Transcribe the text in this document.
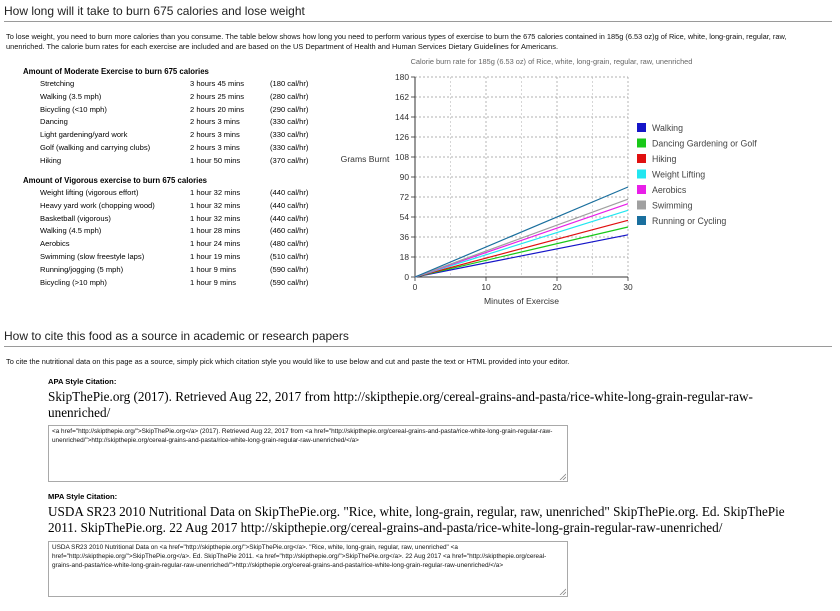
How long will it take to burn 675 calories and lose weight
To lose weight, you need to burn more calories than you consume. The table below shows how long you need to perform various types of exercise to burn the 675 calories contained in 185g (6.53 oz)g of Rice, white, long-grain, regular, raw, unenriched. The calorie burn rates for each exercise are included and are based on the US Department of Health and Human Services Dietary Guidelines for Americans.
Amount of Moderate Exercise to burn 675 calories
Stretching	3 hours 45 mins	(180 cal/hr)
Walking (3.5 mph)	2 hours 25 mins	(280 cal/hr)
Bicycling (<10 mph)	2 hours 20 mins	(290 cal/hr)
Dancing	2 hours 3 mins	(330 cal/hr)
Light gardening/yard work	2 hours 3 mins	(330 cal/hr)
Golf (walking and carrying clubs)	2 hours 3 mins	(330 cal/hr)
Hiking	1 hour 50 mins	(370 cal/hr)
Amount of Vigorous exercise to burn 675 calories
Weight lifting (vigorous effort)	1 hour 32 mins	(440 cal/hr)
Heavy yard work (chopping wood)	1 hour 32 mins	(440 cal/hr)
Basketball (vigorous)	1 hour 32 mins	(440 cal/hr)
Walking (4.5 mph)	1 hour 28 mins	(460 cal/hr)
Aerobics	1 hour 24 mins	(480 cal/hr)
Swimming (slow freestyle laps)	1 hour 19 mins	(510 cal/hr)
Running/jogging (5 mph)	1 hour 9 mins	(590 cal/hr)
Bicycling (>10 mph)	1 hour 9 mins	(590 cal/hr)
Calorie burn rate for 185g (6.53 oz) of Rice, white, long-grain, regular, raw, unenriched
0
18
36
54
72
90
108
126
144
162
180
0	10	20	30
Minutes of Exercise
Grams Burnt
Walking
Dancing Gardening or Golf
Hiking
Weight Lifting
Aerobics
Swimming
Running or Cycling
How to cite this food as a source in academic or research papers
To cite the nutritional data on this page as a source, simply pick which citation style you would like to use below and cut and paste the text or HTML provided into your editor.
APA Style Citation:
SkipThePie.org (2017). Retrieved Aug 22, 2017 from http://skipthepie.org/cereal-grains-and-pasta/rice-white-long-grain-regular-raw-unenriched/
<a href="http://skipthepie.org/">SkipThePie.org</a> (2017). Retrieved Aug 22, 2017 from <a href="http://skipthepie.org/cereal-grains-and-pasta/rice-white-long-grain-regular-raw-unenriched/">http://skipthepie.org/cereal-grains-and-pasta/rice-white-long-grain-regular-raw-unenriched/</a>
MPA Style Citation:
USDA SR23 2010 Nutritional Data on SkipThePie.org. "Rice, white, long-grain, regular, raw, unenriched" SkipThePie.org. Ed. SkipThePie 2011. SkipThePie.org. 22 Aug 2017 http://skipthepie.org/cereal-grains-and-pasta/rice-white-long-grain-regular-raw-unenriched/
USDA SR23 2010 Nutritional Data on <a href="http://skipthepie.org/">SkipThePie.org</a>. "Rice, white, long-grain, regular, raw, unenriched" <a href="http://skipthepie.org/">SkipThePie.org</a>. Ed. SkipThePie 2011. <a href="http://skipthepie.org/">SkipThePie.org</a>. 22 Aug 2017 <a href="http://skipthepie.org/cereal-grains-and-pasta/rice-white-long-grain-regular-raw-unenriched/">http://skipthepie.org/cereal-grains-and-pasta/rice-white-long-grain-regular-raw-unenriched/</a>
